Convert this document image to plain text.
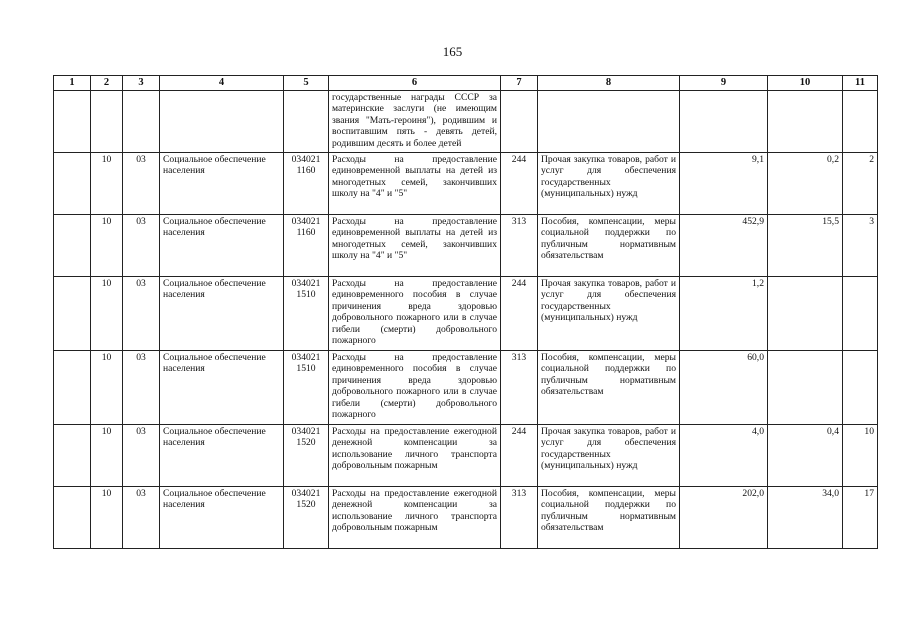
165
1	2	3	4	5	6	7	8	9	10	11
					государственные награды СССР за материнские заслуги (не имеющим звания "Мать-героиня"), родившим и воспитавшим пять - девять детей, родившим десять и более детей					
	10	03	Социальное обеспечение населения	034021 1160	Расходы на предоставление единовременной выплаты на детей из многодетных семей, закончивших школу на "4" и "5"	244	Прочая закупка товаров, работ и услуг для обеспечения государственных (муниципальных) нужд	9,1	0,2	2
	10	03	Социальное обеспечение населения	034021 1160	Расходы на предоставление единовременной выплаты на детей из многодетных семей, закончивших школу на "4" и "5"	313	Пособия, компенсации, меры социальной поддержки по публичным нормативным обязательствам	452,9	15,5	3
	10	03	Социальное обеспечение населения	034021 1510	Расходы на предоставление единовременного пособия в случае причинения вреда здоровью добровольного пожарного или в случае гибели (смерти) добровольного пожарного	244	Прочая закупка товаров, работ и услуг для обеспечения государственных (муниципальных) нужд	1,2		
	10	03	Социальное обеспечение населения	034021 1510	Расходы на предоставление единовременного пособия в случае причинения вреда здоровью добровольного пожарного или в случае гибели (смерти) добровольного пожарного	313	Пособия, компенсации, меры социальной поддержки по публичным нормативным обязательствам	60,0		
	10	03	Социальное обеспечение населения	034021 1520	Расходы на предоставление ежегодной денежной компенсации за использование личного транспорта добровольным пожарным	244	Прочая закупка товаров, работ и услуг для обеспечения государственных (муниципальных) нужд	4,0	0,4	10
	10	03	Социальное обеспечение населения	034021 1520	Расходы на предоставление ежегодной денежной компенсации за использование личного транспорта добровольным пожарным	313	Пособия, компенсации, меры социальной поддержки по публичным нормативным обязательствам	202,0	34,0	17
